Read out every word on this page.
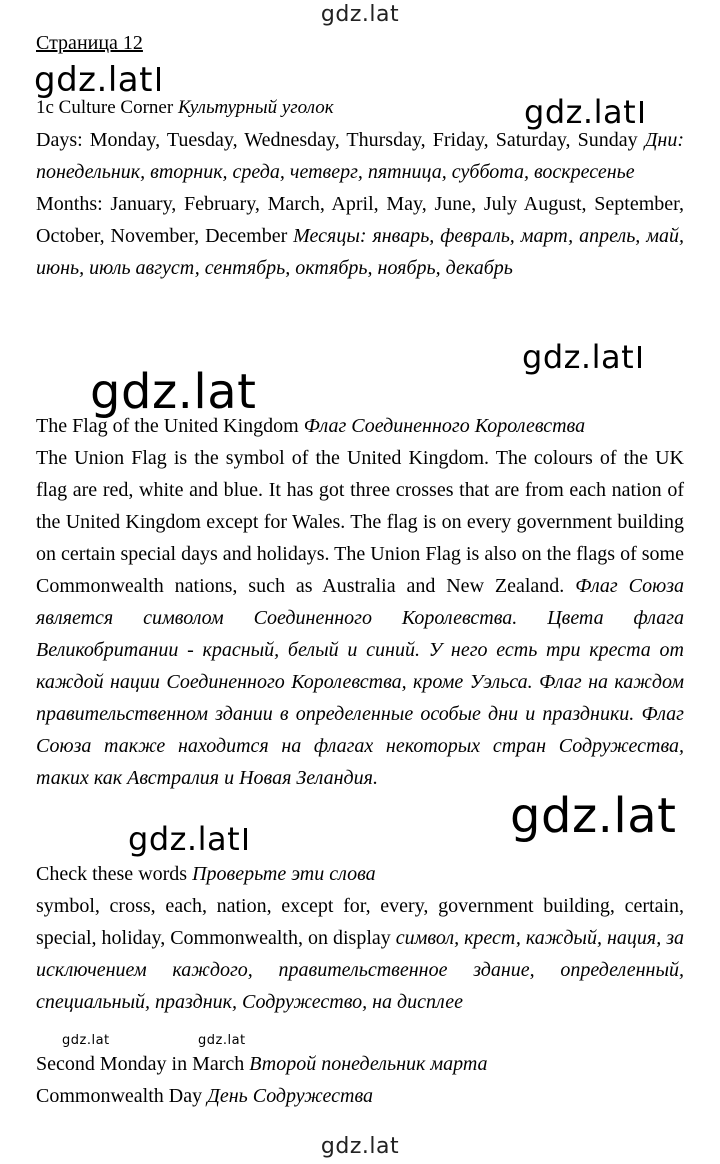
gdz.lat
gdz.lat
gdz.lat
gdz.lat
gdz.lat
gdz.lat
gdz.lat
gdz.lat	gdz.lat
gdz.lat
Страница 12

1c Culture Corner Культурный уголок

Days: Monday, Tuesday, Wednesday, Thursday, Friday, Saturday, Sunday Дни: понедельник, вторник, среда, четверг, пятница, суббота, воскресенье

Months: January, February, March, April, May, June, July August, September, October, November, December Месяцы: январь, февраль, март, апрель, май, июнь, июль август, сентябрь, октябрь, ноябрь, декабрь

The Flag of the United Kingdom Флаг Соединенного Королевства

The Union Flag is the symbol of the United Kingdom. The colours of the UK flag are red, white and blue. It has got three crosses that are from each nation of the United Kingdom except for Wales. The flag is on every government building on certain special days and holidays. The Union Flag is also on the flags of some Commonwealth nations, such as Australia and New Zealand. Флаг Союза является символом Соединенного Королевства. Цвета флага Великобритании - красный, белый и синий. У него есть три креста от каждой нации Соединенного Королевства, кроме Уэльса. Флаг на каждом правительственном здании в определенные особые дни и праздники. Флаг Союза также находится на флагах некоторых стран Содружества, таких как Австралия и Новая Зеландия.

Check these words Проверьте эти слова

symbol, cross, each, nation, except for, every, government building, certain, special, holiday, Commonwealth, on display символ, крест, каждый, нация, за исключением каждого, правительственное здание, определенный, специальный, праздник, Содружество, на дисплее

Second Monday in March Второй понедельник марта

Commonwealth Day День Содружества
